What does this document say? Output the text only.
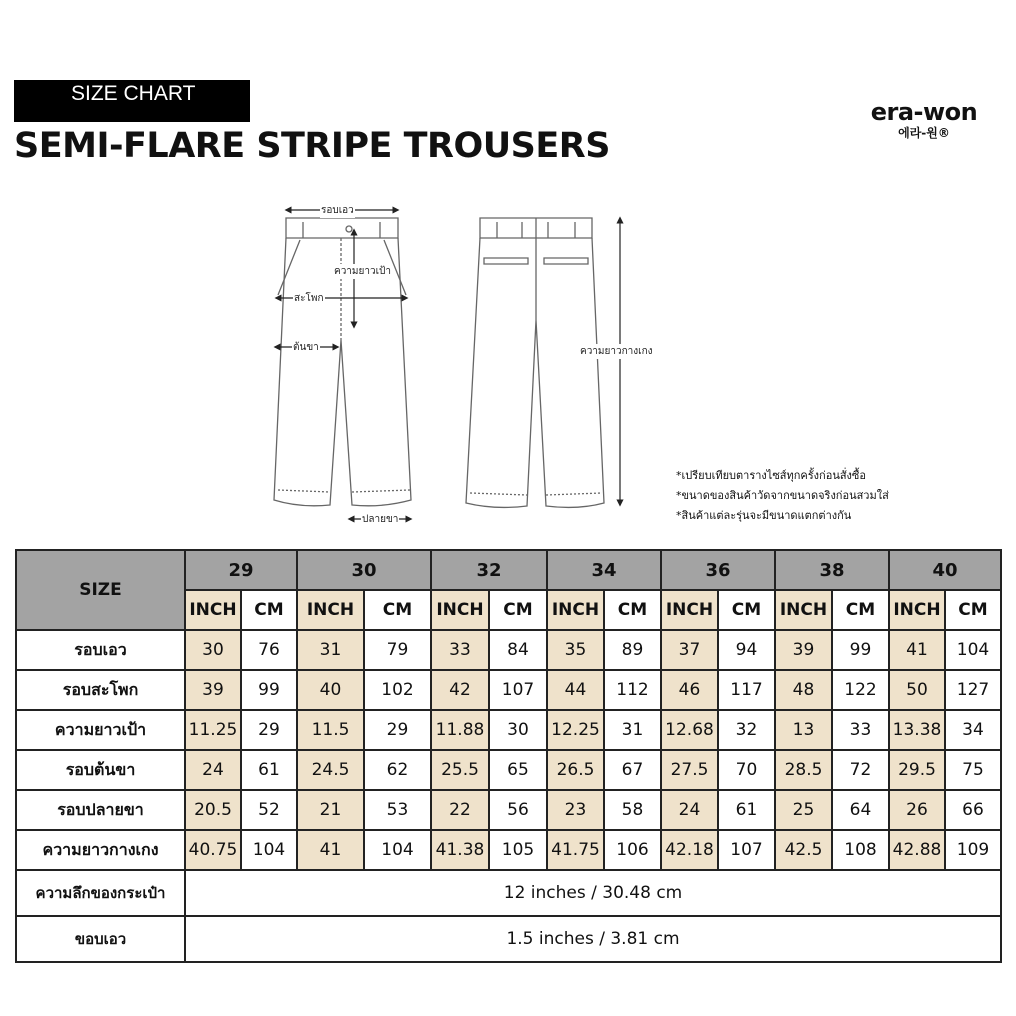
SIZE CHART
SEMI-FLARE STRIPE TROUSERS
era-won
에라-원®
รอบเอว
ความยาวเป้า
สะโพก
ต้นขา
ปลายขา
ความยาวกางเกง
*เปรียบเทียบตารางไซส์ทุกครั้งก่อนสั่งซื้อ
*ขนาดของสินค้าวัดจากขนาดจริงก่อนสวมใส่
*สินค้าแต่ละรุ่นจะมีขนาดแตกต่างกัน
SIZE	29		30		32		34		36		38		40	
	INCH	CM	INCH	CM	INCH	CM	INCH	CM	INCH	CM	INCH	CM	INCH	CM
รอบเอว	30	76	31	79	33	84	35	89	37	94	39	99	41	104
รอบสะโพก	39	99	40	102	42	107	44	112	46	117	48	122	50	127
ความยาวเป้า	11.25	29	11.5	29	11.88	30	12.25	31	12.68	32	13	33	13.38	34
รอบต้นขา	24	61	24.5	62	25.5	65	26.5	67	27.5	70	28.5	72	29.5	75
รอบปลายขา	20.5	52	21	53	22	56	23	58	24	61	25	64	26	66
ความยาวกางเกง	40.75	104	41	104	41.38	105	41.75	106	42.18	107	42.5	108	42.88	109
ความลึกของกระเป๋า	12 inches / 30.48 cm													
ขอบเอว	1.5 inches / 3.81 cm													
